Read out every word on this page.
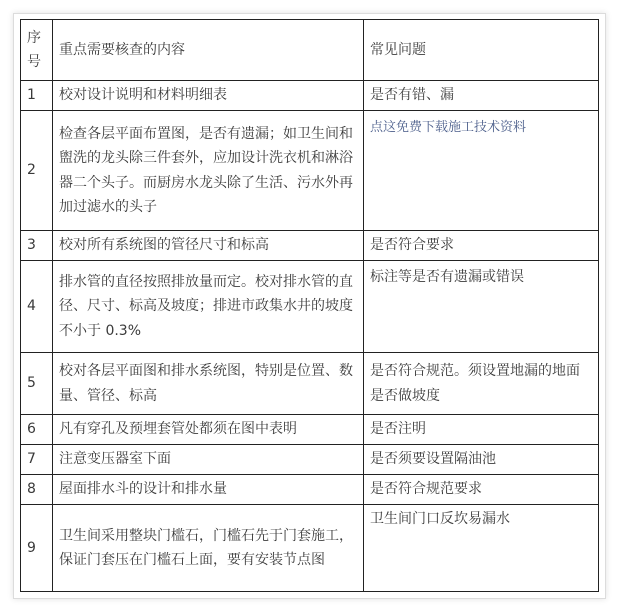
序号	重点需要核查的内容	常见问题
1	校对设计说明和材料明细表	是否有错、漏
2	检查各层平面布置图，是否有遗漏；如卫生间和盥洗的龙头除三件套外，应加设计洗衣机和淋浴器二个头子。而厨房水龙头除了生活、污水外再加过滤水的头子	点这免费下载施工技术资料
3	校对所有系统图的管径尺寸和标高	是否符合要求
4	排水管的直径按照排放量而定。校对排水管的直径、尺寸、标高及坡度；排进市政集水井的坡度不小于 0.3%	标注等是否有遗漏或错误
5	校对各层平面图和排水系统图，特别是位置、数量、管径、标高	是否符合规范。须设置地漏的地面是否做坡度
6	凡有穿孔及预埋套管处都须在图中表明	是否注明
7	注意变压器室下面	是否须要设置隔油池
8	屋面排水斗的设计和排水量	是否符合规范要求
9	卫生间采用整块门槛石，门槛石先于门套施工，保证门套压在门槛石上面，要有安装节点图	卫生间门口反坎易漏水
